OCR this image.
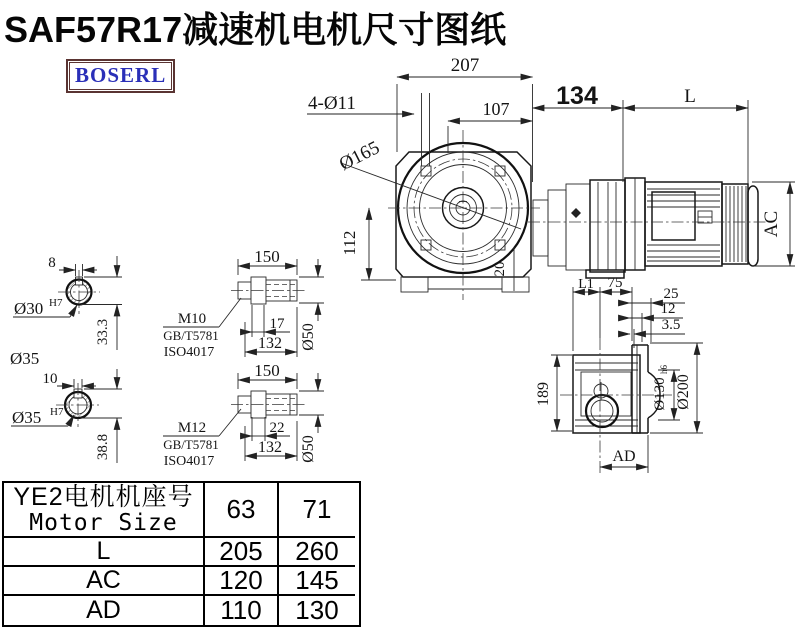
SAF57R17减速机电机尺寸图纸
BOSERL
Ø165
207
107
4-Ø11
112
20
134	L
AC
8
Ø30 H7
33.3
Ø35
10
Ø35 H7
38.8
150
Ø50
17
132
M10
GB/T5781
ISO4017
150
Ø50
22
132
M12
GB/T5781
ISO4017
L1 75
25
12
3.5
189	Ø130
h6
Ø200
AD
YE2电机机座号
Motor Size	63	71
L	205	260
AC	120	145
AD	110	130
